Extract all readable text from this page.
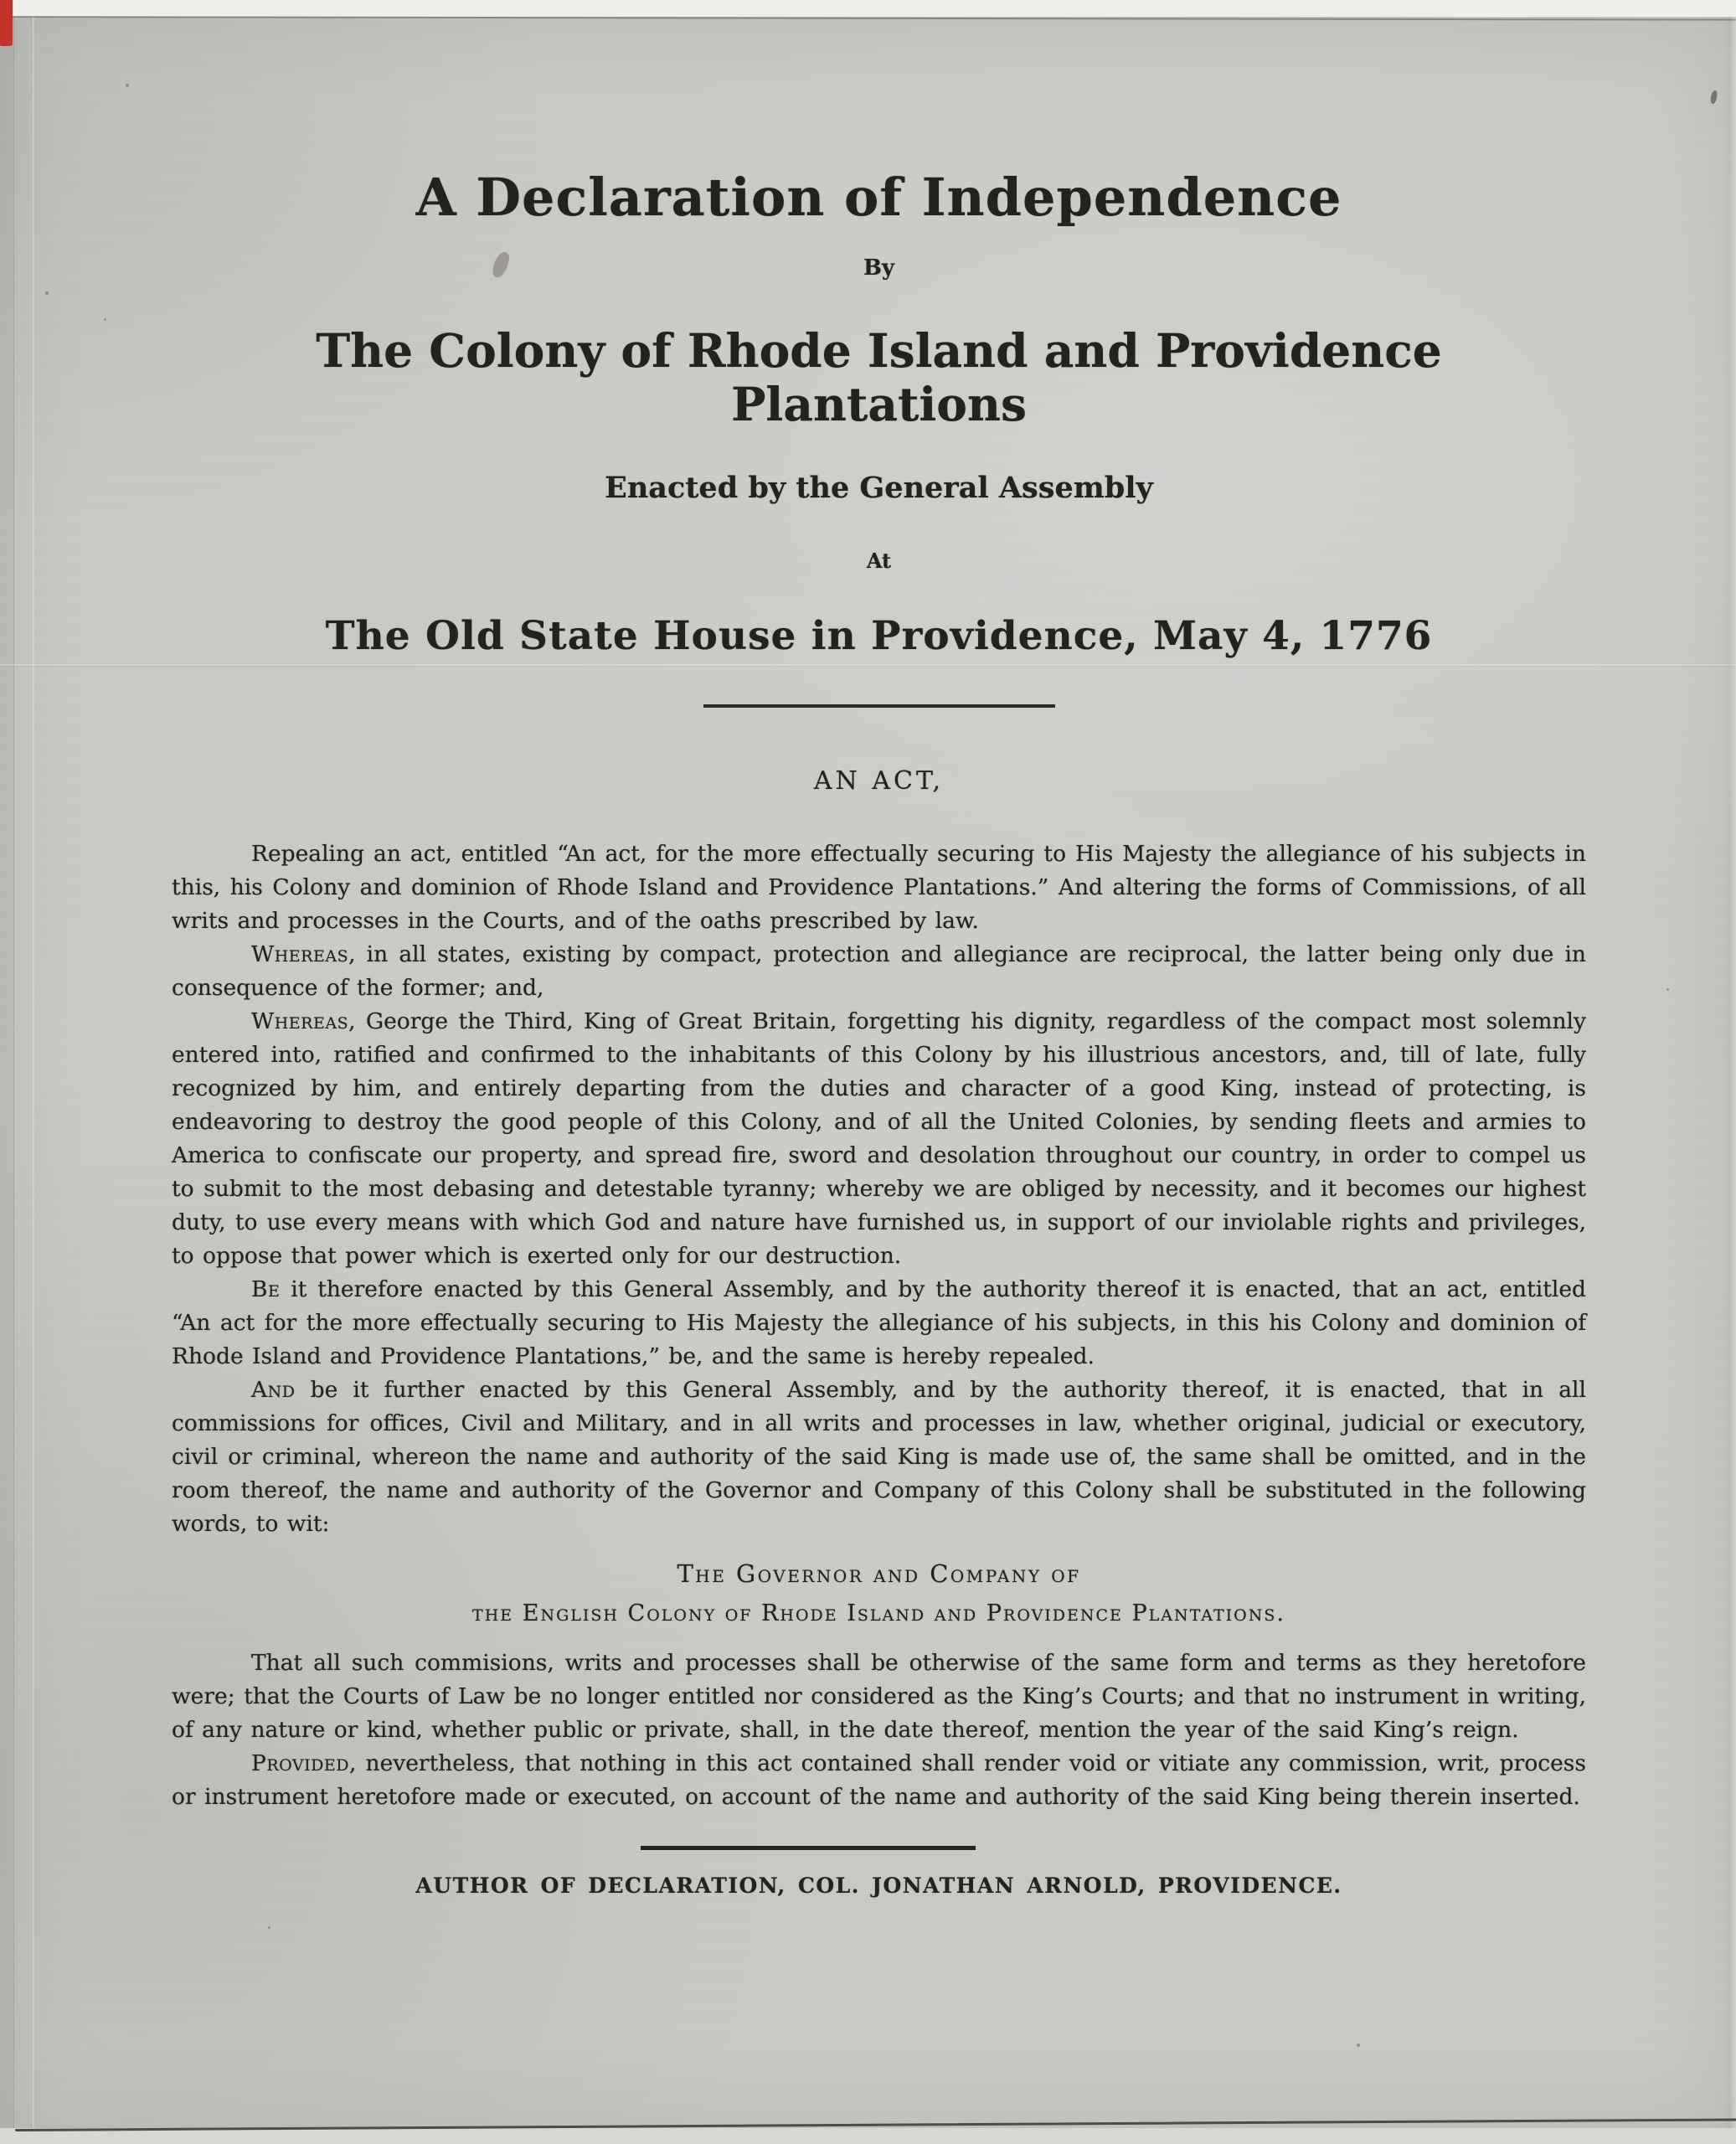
A Declaration of Independence
By
The Colony of Rhode Island and Providence Plantations
Enacted by the General Assembly
At
The Old State House in Providence, May 4, 1776
AN ACT,

Repealing an act, entitled “An act, for the more effectually securing to His Majesty the allegiance of his subjects in this, his Colony and dominion of Rhode Island and Providence Plantations.” And altering the forms of Commissions, of all writs and processes in the Courts, and of the oaths prescribed by law.

Whereas, in all states, existing by compact, protection and allegiance are reciprocal, the latter being only due in consequence of the former; and,

Whereas, George the Third, King of Great Britain, forgetting his dignity, regardless of the compact most solemnly entered into, ratified and confirmed to the inhabitants of this Colony by his illustrious ancestors, and, till of late, fully recognized by him, and entirely departing from the duties and character of a good King, instead of protecting, is endeavoring to destroy the good people of this Colony, and of all the United Colonies, by sending fleets and armies to America to confiscate our property, and spread fire, sword and desolation throughout our country, in order to compel us to submit to the most debasing and detestable tyranny; whereby we are obliged by necessity, and it becomes our highest duty, to use every means with which God and nature have furnished us, in support of our inviolable rights and privileges, to oppose that power which is exerted only for our destruction.

Be it therefore enacted by this General Assembly, and by the authority thereof it is enacted, that an act, entitled “An act for the more effectually securing to His Majesty the allegiance of his subjects, in this his Colony and dominion of Rhode Island and Providence Plantations,” be, and the same is hereby repealed.

And be it further enacted by this General Assembly, and by the authority thereof, it is enacted, that in all commissions for offices, Civil and Military, and in all writs and processes in law, whether original, judicial or executory, civil or criminal, whereon the name and authority of the said King is made use of, the same shall be omitted, and in the room thereof, the name and authority of the Governor and Company of this Colony shall be substituted in the following words, to wit:

The Governor and Company of
the English Colony of Rhode Island and Providence Plantations.

That all such commisions, writs and processes shall be otherwise of the same form and terms as they heretofore were; that the Courts of Law be no longer entitled nor considered as the King’s Courts; and that no instrument in writing, of any nature or kind, whether public or private, shall, in the date thereof, mention the year of the said King’s reign.

Provided, nevertheless, that nothing in this act contained shall render void or vitiate any commission, writ, process or instrument heretofore made or executed, on account of the name and authority of the said King being therein inserted.

AUTHOR OF DECLARATION, COL. JONATHAN ARNOLD, PROVIDENCE.
